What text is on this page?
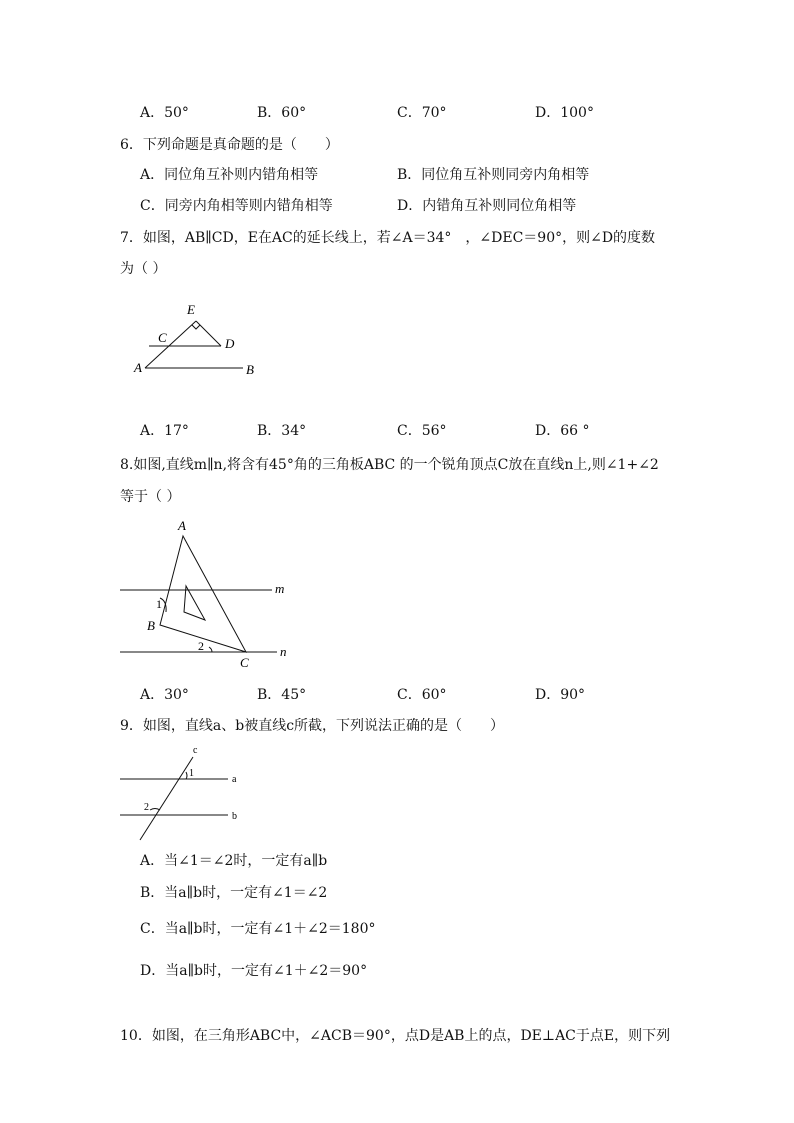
A．50°	B．60°	C．70°	D．100°
6．下列命题是真命题的是（　　）
A．同位角互补则内错角相等	B．同位角互补则同旁内角相等
C．同旁内角相等则内错角相等	D．内错角互补则同位角相等
7．如图，AB∥CD，E在AC的延长线上，若∠A＝34°　，∠DEC＝90°，则∠D的度数
为（ ）
E
C	D
A	B
A．17°	B．34°	C．56°	D．66 °
8.如图,直线m∥n,将含有45°角的三角板ABC 的一个锐角顶点C放在直线n上,则∠1+∠2
等于（ ）
A
B
C
m
n
1
2
A．30°	B．45°	C．60°	D．90°
9．如图，直线a、b被直线c所截，下列说法正确的是（　　）
c
a
b
1
2
A．当∠1＝∠2时，一定有a∥b
B．当a∥b时，一定有∠1＝∠2
C．当a∥b时，一定有∠1＋∠2＝180°
D．当a∥b时，一定有∠1＋∠2＝90°
10．如图，在三角形ABC中，∠ACB＝90°，点D是AB上的点，DE⊥AC于点E，则下列
